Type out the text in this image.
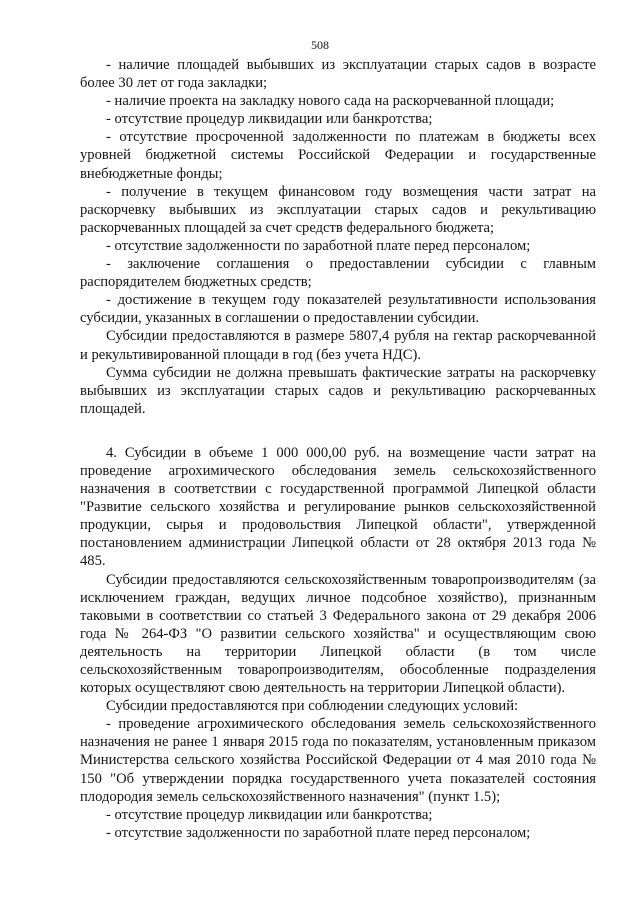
508

- наличие площадей выбывших из эксплуатации старых садов в возрасте более 30 лет от года закладки;

- наличие проекта на закладку нового сада на раскорчеванной площади;

- отсутствие процедур ликвидации или банкротства;

- отсутствие просроченной задолженности по платежам в бюджеты всех уровней бюджетной системы Российской Федерации и государственные внебюджетные фонды;

- получение в текущем финансовом году возмещения части затрат на раскорчевку выбывших из эксплуатации старых садов и рекультивацию раскорчеванных площадей за счет средств федерального бюджета;

- отсутствие задолженности по заработной плате перед персоналом;

- заключение соглашения о предоставлении субсидии с главным распорядителем бюджетных средств;

- достижение в текущем году показателей результативности использования субсидии, указанных в соглашении о предоставлении субсидии.

Субсидии предоставляются в размере 5807,4 рубля на гектар раскорчеванной и рекультивированной площади в год (без учета НДС).

Сумма субсидии не должна превышать фактические затраты на раскорчевку выбывших из эксплуатации старых садов и рекультивацию раскорчеванных площадей.

4. Субсидии в объеме 1 000 000,00 руб. на возмещение части затрат на проведение агрохимического обследования земель сельскохозяйственного назначения в соответствии с государственной программой Липецкой области "Развитие сельского хозяйства и регулирование рынков сельскохозяйственной продукции, сырья и продовольствия Липецкой области", утвержденной постановлением администрации Липецкой области от 28 октября 2013 года № 485.

Субсидии предоставляются сельскохозяйственным товаропроизводителям (за исключением граждан, ведущих личное подсобное хозяйство), признанным таковыми в соответствии со статьей 3 Федерального закона от 29 декабря 2006 года № 264-ФЗ "О развитии сельского хозяйства" и осуществляющим свою деятельность на территории Липецкой области (в том числе сельскохозяйственным товаропроизводителям, обособленные подразделения которых осуществляют свою деятельность на территории Липецкой области).

Субсидии предоставляются при соблюдении следующих условий:

- проведение агрохимического обследования земель сельскохозяйственного назначения не ранее 1 января 2015 года по показателям, установленным приказом Министерства сельского хозяйства Российской Федерации от 4 мая 2010 года № 150 "Об утверждении порядка государственного учета показателей состояния плодородия земель сельскохозяйственного назначения" (пункт 1.5);

- отсутствие процедур ликвидации или банкротства;

- отсутствие задолженности по заработной плате перед персоналом;
